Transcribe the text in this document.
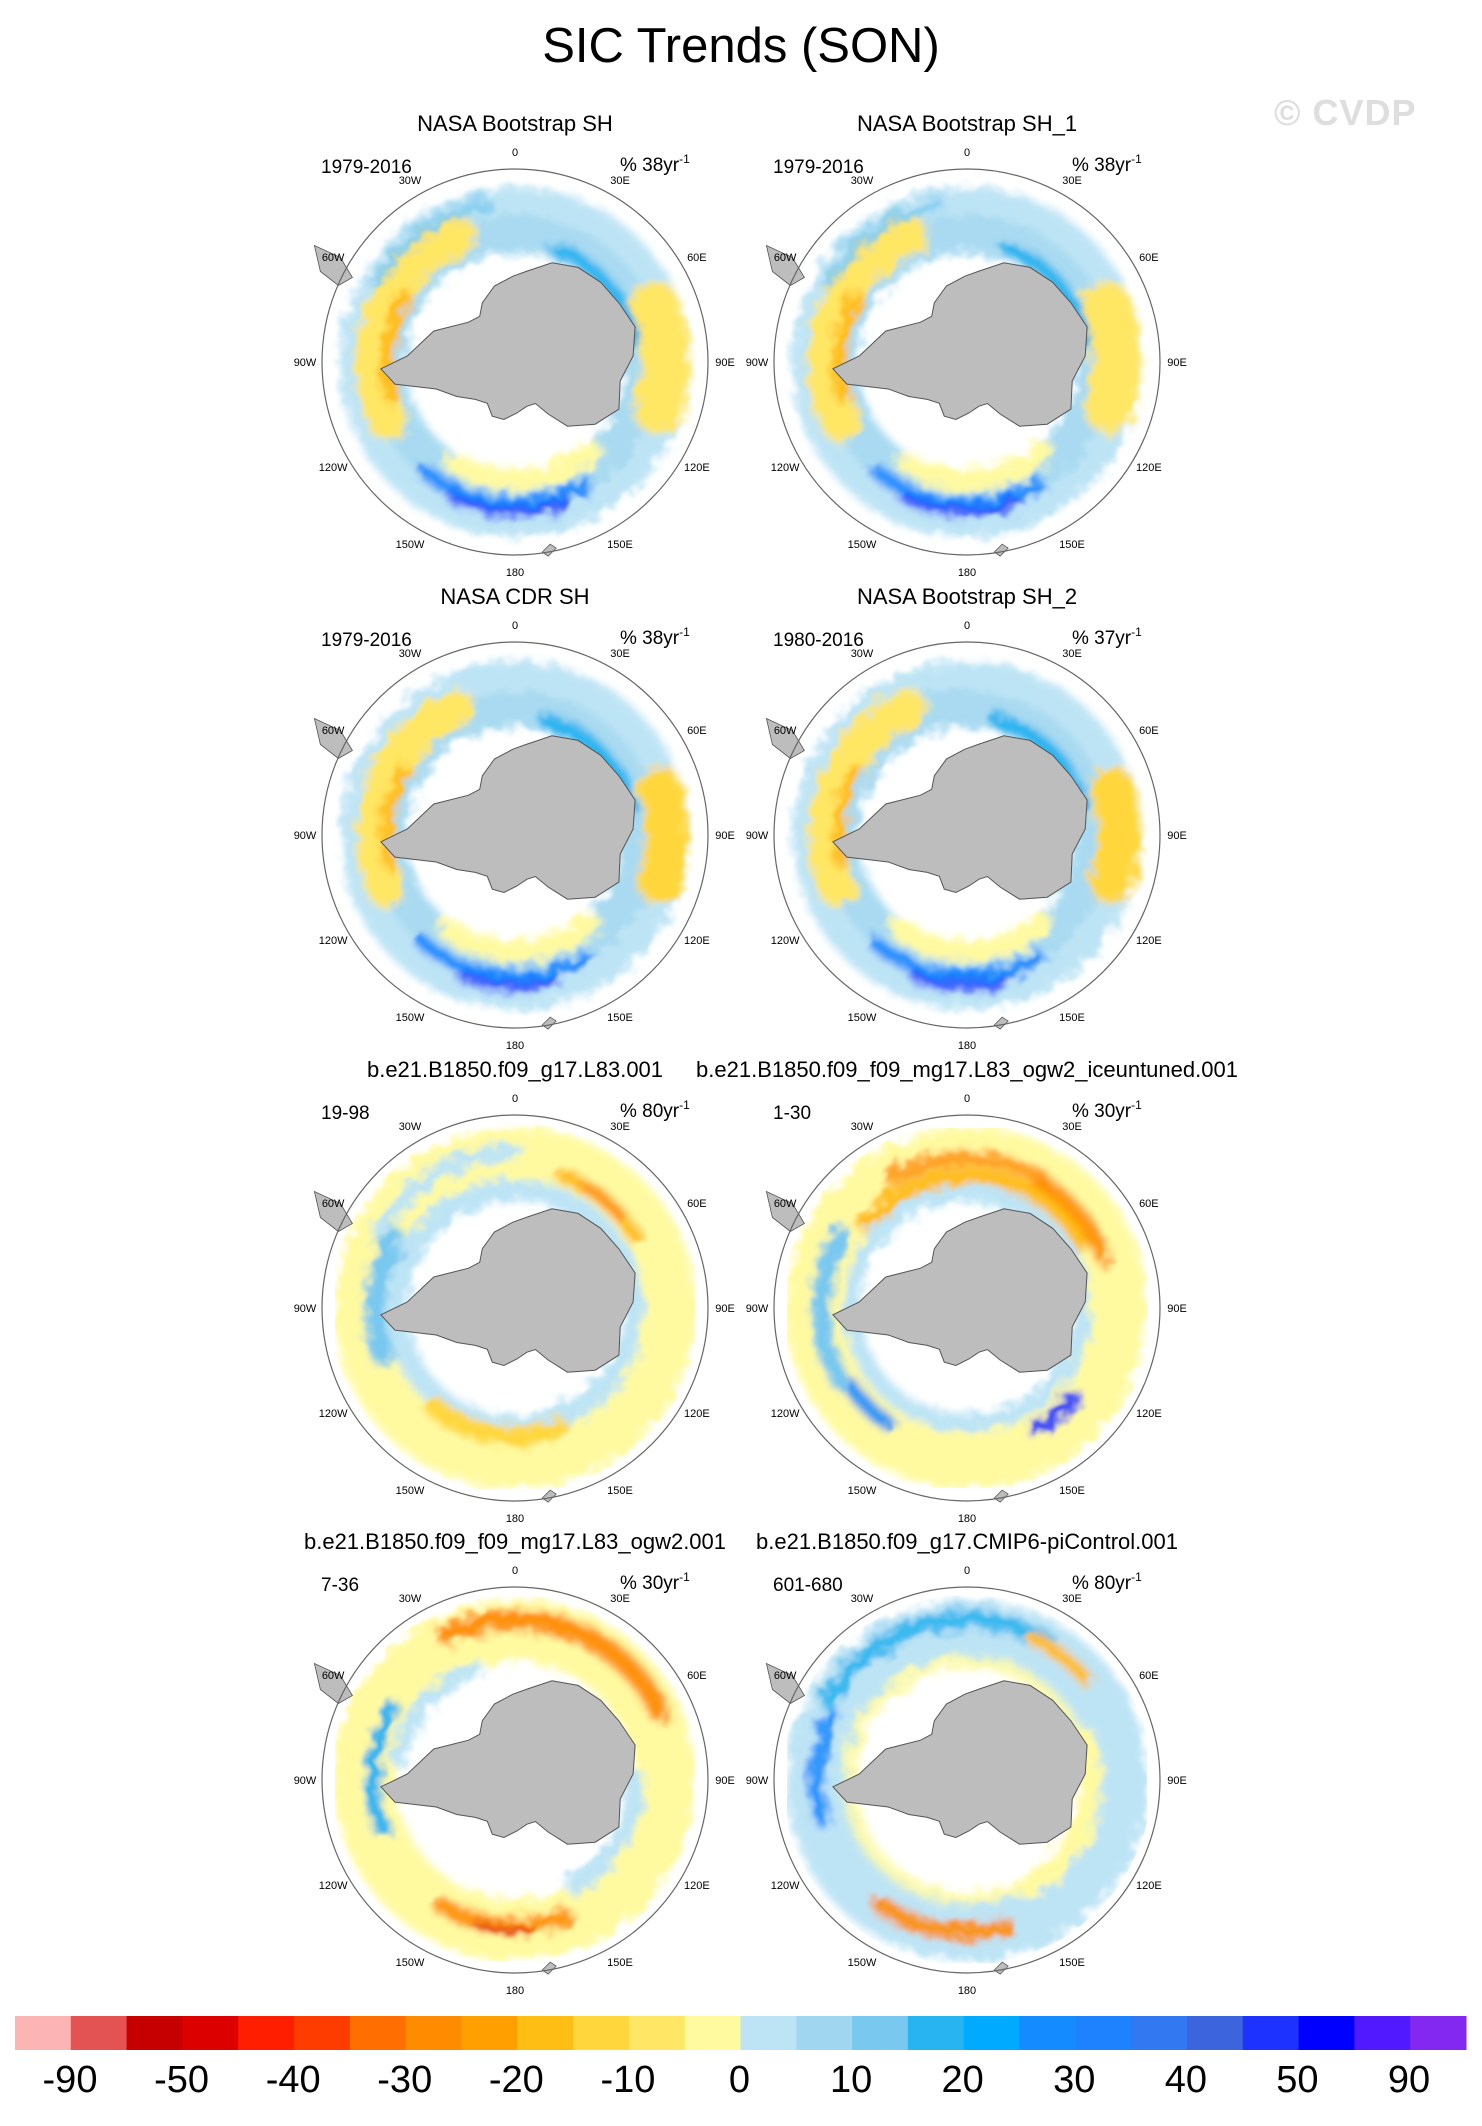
SIC Trends (SON)
© CVDP
0
30E
60E
90E
120E
150E
180
150W
120W
90W
60W
30W
NASA Bootstrap SH
1979-2016	% $38yr^{-1}$	0
30E
60E
90E
120E
150E
180
150W
120W
90W
60W
30W
NASA Bootstrap SH_1
1979-2016	% $38yr^{-1}$
0
30E
60E
90E
120E
150E
180
150W
120W
90W
60W
30W
NASA CDR SH
1979-2016	% $38yr^{-1}$	0
30E
60E
90E
120E
150E
180
150W
120W
90W
60W
30W
NASA Bootstrap SH_2
1980-2016	% $37yr^{-1}$
0
30E
60E
90E
120E
150E
180
150W
120W
90W
60W
30W
b.e21.B1850.f09_g17.L83.001
19-98	% $80yr^{-1}$	0
30E
60E
90E
120E
150E
180
150W
120W
90W
60W
30W
b.e21.B1850.f09_f09_mg17.L83_ogw2_iceuntuned.001
1-30	% $30yr^{-1}$
0
30E
60E
90E
120E
150E
180
150W
120W
90W
60W
30W
b.e21.B1850.f09_f09_mg17.L83_ogw2.001
7-36	% $30yr^{-1}$	0
30E
60E
90E
120E
150E
180
150W
120W
90W
60W
30W
b.e21.B1850.f09_g17.CMIP6-piControl.001
601-680	% $80yr^{-1}$
-90 -50 -40 -30 -20 -10 0 10 20 30 40 50 90
